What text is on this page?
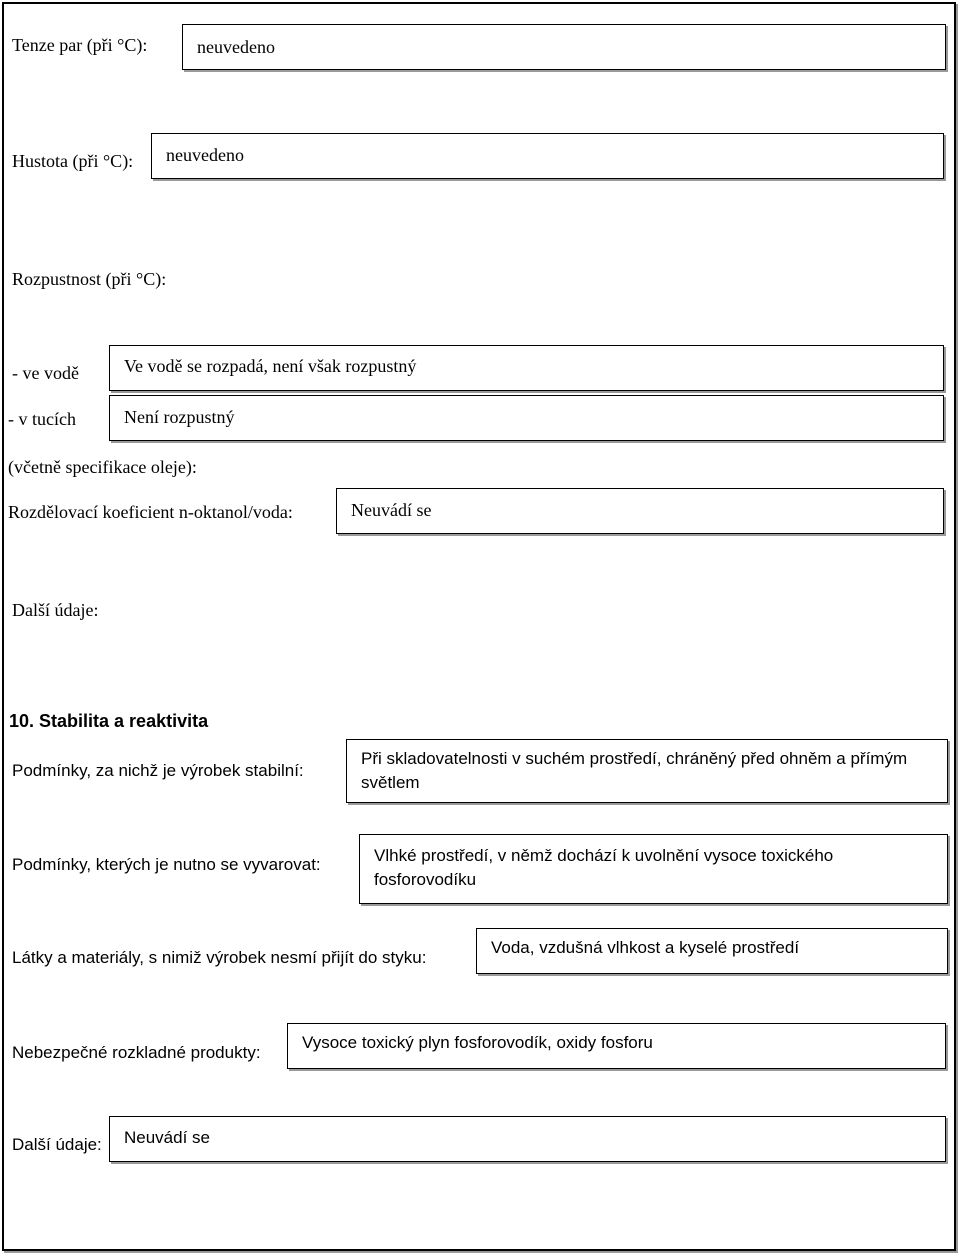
Tenze par (při °C):	neuvedeno
Hustota (při °C):	neuvedeno
Rozpustnost (při °C):
- ve vodě	Ve vodě se rozpadá, není však rozpustný
- v tucích	Není rozpustný
(včetně specifikace oleje):
Rozdělovací koeficient n-oktanol/voda:	Neuvádí se
Další údaje:
10. Stabilita a reaktivita
Podmínky, za nichž je výrobek stabilní:
Při skladovatelnosti v suchém prostředí, chráněný před ohněm a přímým světlem
Podmínky, kterých je nutno se vyvarovat:	Vlhké prostředí, v němž dochází k uvolnění vysoce toxického fosforovodíku
Látky a materiály, s nimiž výrobek nesmí přijít do styku:
Voda, vzdušná vlhkost a kyselé prostředí
Nebezpečné rozkladné produkty:
Vysoce toxický plyn fosforovodík, oxidy fosforu
Další údaje:	Neuvádí se
